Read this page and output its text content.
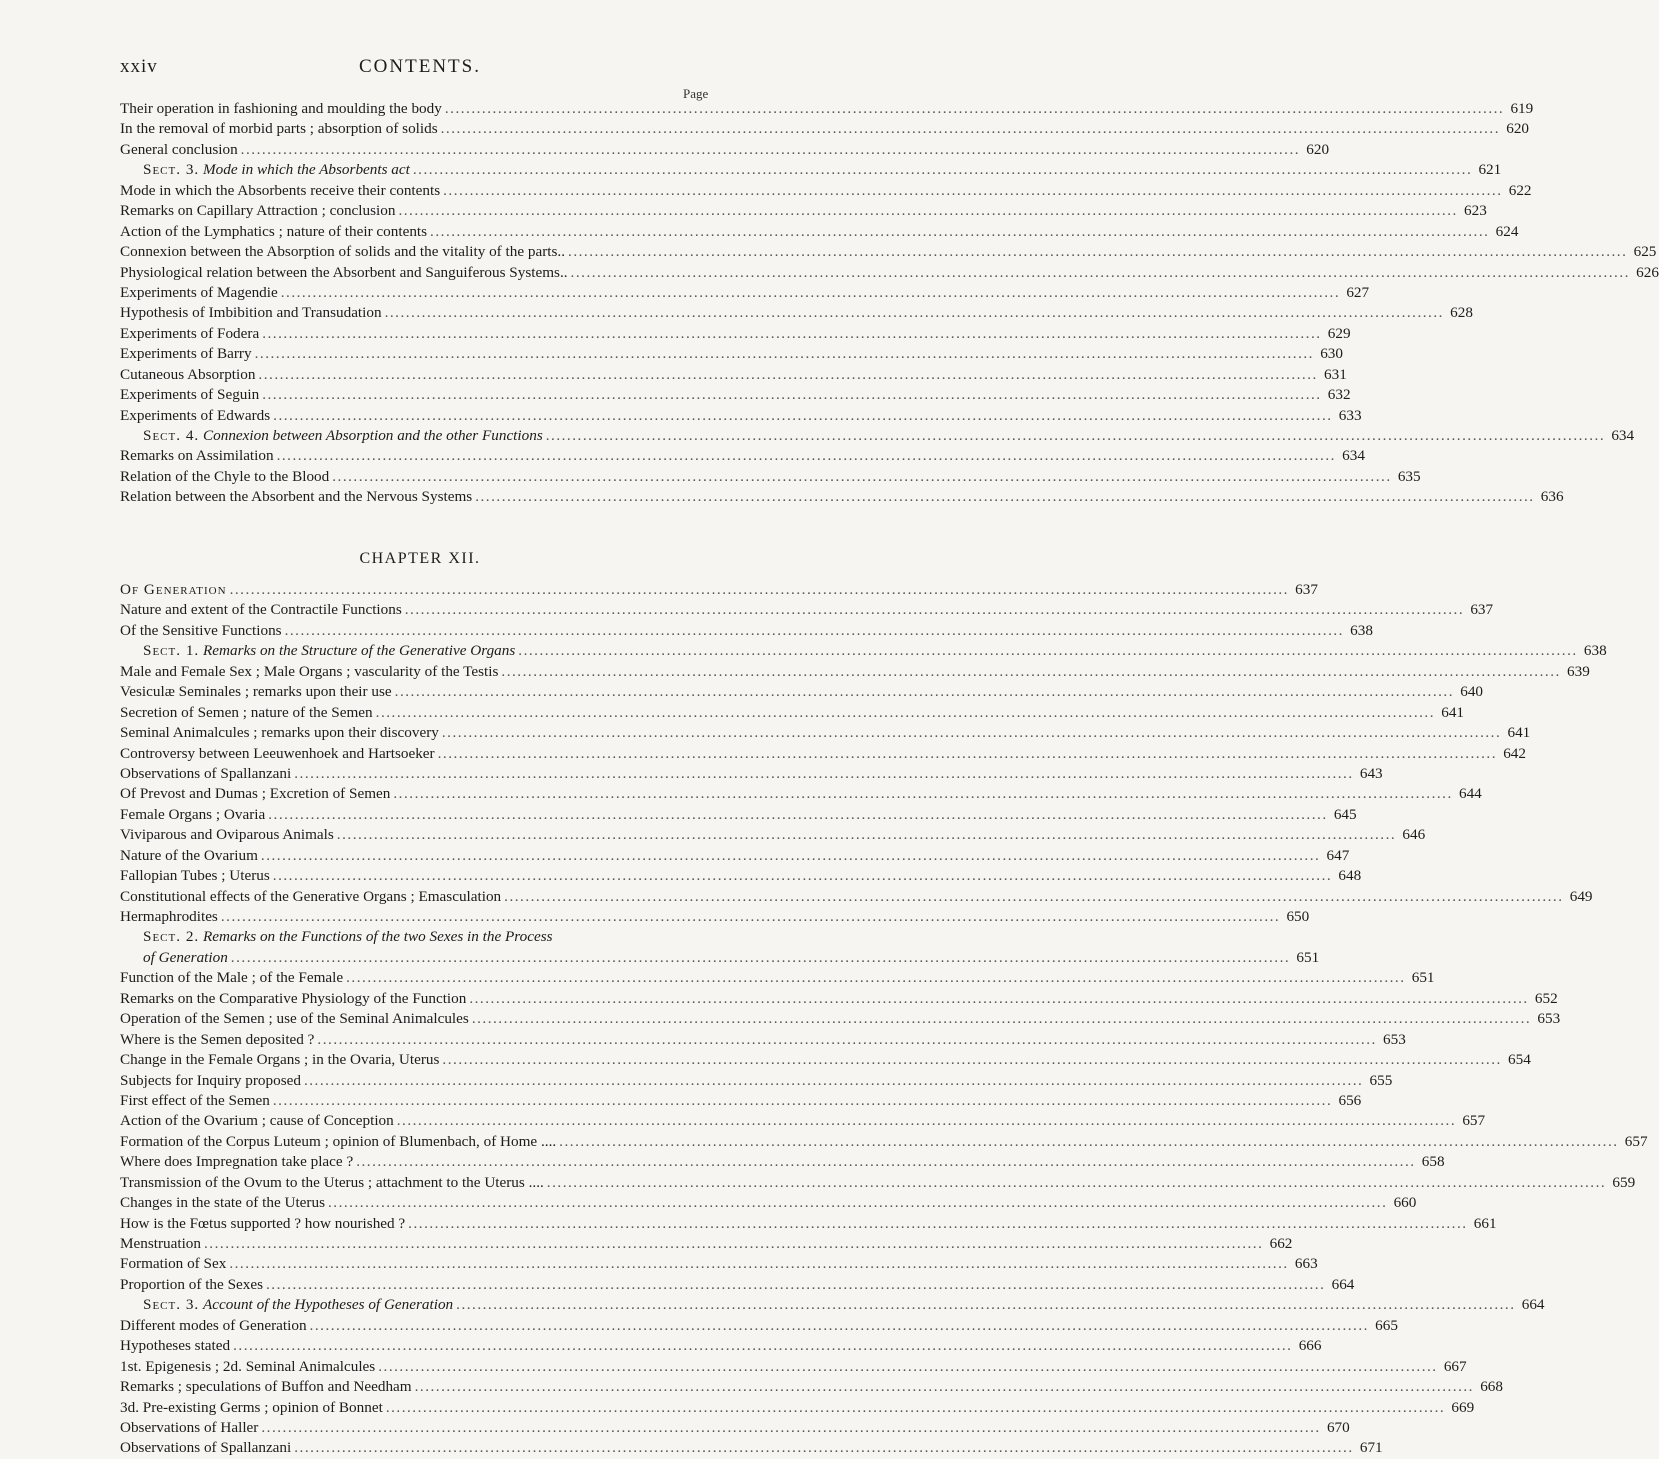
xxiv	CONTENTS.
Page
Their operation in fashioning and moulding the body .....	619
In the removal of morbid parts ; absorption of solids .....	620
General conclusion .....	620
Sect. 3. Mode in which the Absorbents act .....	621
Mode in which the Absorbents receive their contents .....	622
Remarks on Capillary Attraction ; conclusion .....	623
Action of the Lymphatics ; nature of their contents .....	624
Connexion between the Absorption of solids and the vitality of the parts.. .....	625
Physiological relation between the Absorbent and Sanguiferous Systems.. .....	626
Experiments of Magendie .....	627
Hypothesis of Imbibition and Transudation .....	628
Experiments of Fodera .....	629
Experiments of Barry .....	630
Cutaneous Absorption .....	631
Experiments of Seguin .....	632
Experiments of Edwards .....	633
Sect. 4. Connexion between Absorption and the other Functions .....	634
Remarks on Assimilation .....	634
Relation of the Chyle to the Blood .....	635
Relation between the Absorbent and the Nervous Systems .....	636
CHAPTER XII.
Of Generation .....	637
Nature and extent of the Contractile Functions .....	637
Of the Sensitive Functions .....	638
Sect. 1. Remarks on the Structure of the Generative Organs .....	638
Male and Female Sex ; Male Organs ; vascularity of the Testis .....	639
Vesiculæ Seminales ; remarks upon their use .....	640
Secretion of Semen ; nature of the Semen .....	641
Seminal Animalcules ; remarks upon their discovery .....	641
Controversy between Leeuwenhoek and Hartsoeker .....	642
Observations of Spallanzani .....	643
Of Prevost and Dumas ; Excretion of Semen .....	644
Female Organs ; Ovaria .....	645
Viviparous and Oviparous Animals .....	646
Nature of the Ovarium .....	647
Fallopian Tubes ; Uterus .....	648
Constitutional effects of the Generative Organs ; Emasculation .....	649
Hermaphrodites .....	650
Sect. 2. Remarks on the Functions of the two Sexes in the Process
of Generation .....	651
Function of the Male ; of the Female .....	651
Remarks on the Comparative Physiology of the Function .....	652
Operation of the Semen ; use of the Seminal Animalcules .....	653
Where is the Semen deposited ? .....	653
Change in the Female Organs ; in the Ovaria, Uterus .....	654
Subjects for Inquiry proposed .....	655
First effect of the Semen .....	656
Action of the Ovarium ; cause of Conception .....	657
Formation of the Corpus Luteum ; opinion of Blumenbach, of Home .... .....	657
Where does Impregnation take place ? .....	658
Transmission of the Ovum to the Uterus ; attachment to the Uterus .... .....	659
Changes in the state of the Uterus .....	660
How is the Fœtus supported ? how nourished ? .....	661
Menstruation .....	662
Formation of Sex .....	663
Proportion of the Sexes .....	664
Sect. 3. Account of the Hypotheses of Generation .....	664
Different modes of Generation .....	665
Hypotheses stated .....	666
1st. Epigenesis ; 2d. Seminal Animalcules .....	667
Remarks ; speculations of Buffon and Needham .....	668
3d. Pre-existing Germs ; opinion of Bonnet .....	669
Observations of Haller .....	670
Observations of Spallanzani .....	671
